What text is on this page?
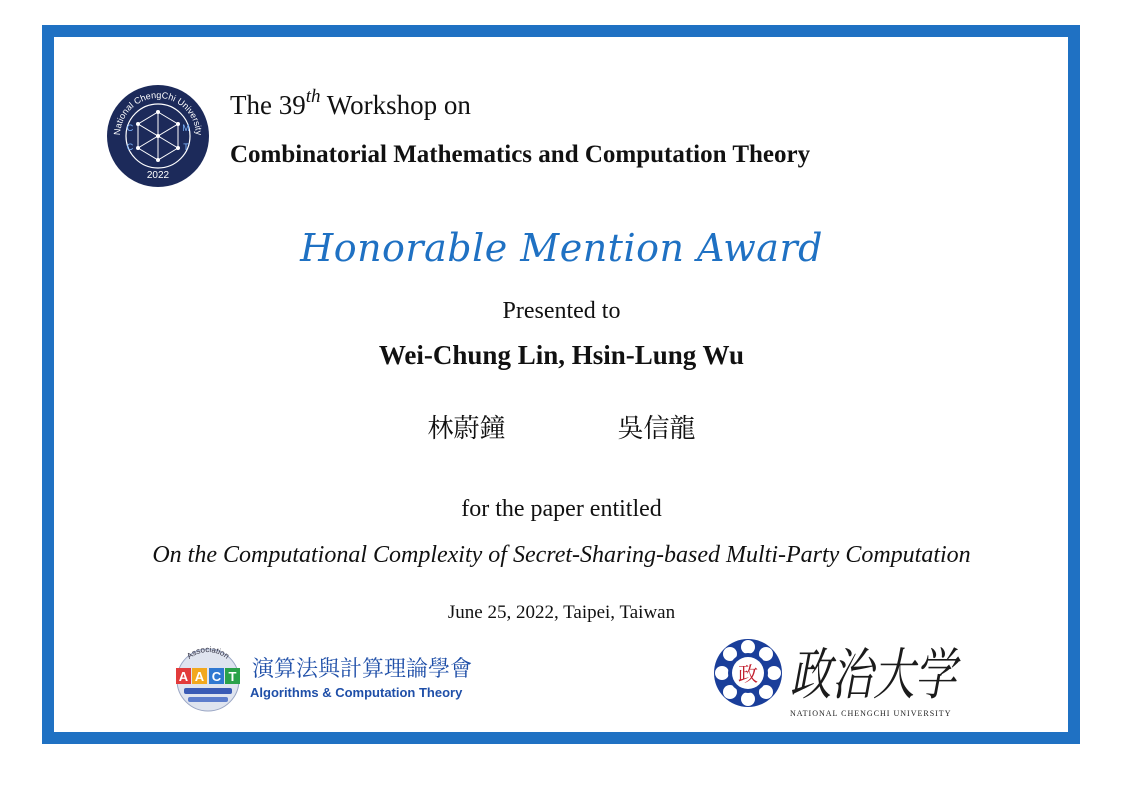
National ChengChi University
2022
C	M
C	T
The 39th Workshop on
Combinatorial Mathematics and Computation Theory
Honorable Mention Award
Presented to
Wei-Chung Lin, Hsin-Lung Wu
林蔚鐘	吳信龍
for the paper entitled
On the Computational Complexity of Secret-Sharing-based Multi-Party Computation
June 25, 2022, Taipei, Taiwan
Association
A A C T 演算法與計算理論學會
Algorithms & Computation Theory
政 政治大学
NATIONAL CHENGCHI UNIVERSITY
